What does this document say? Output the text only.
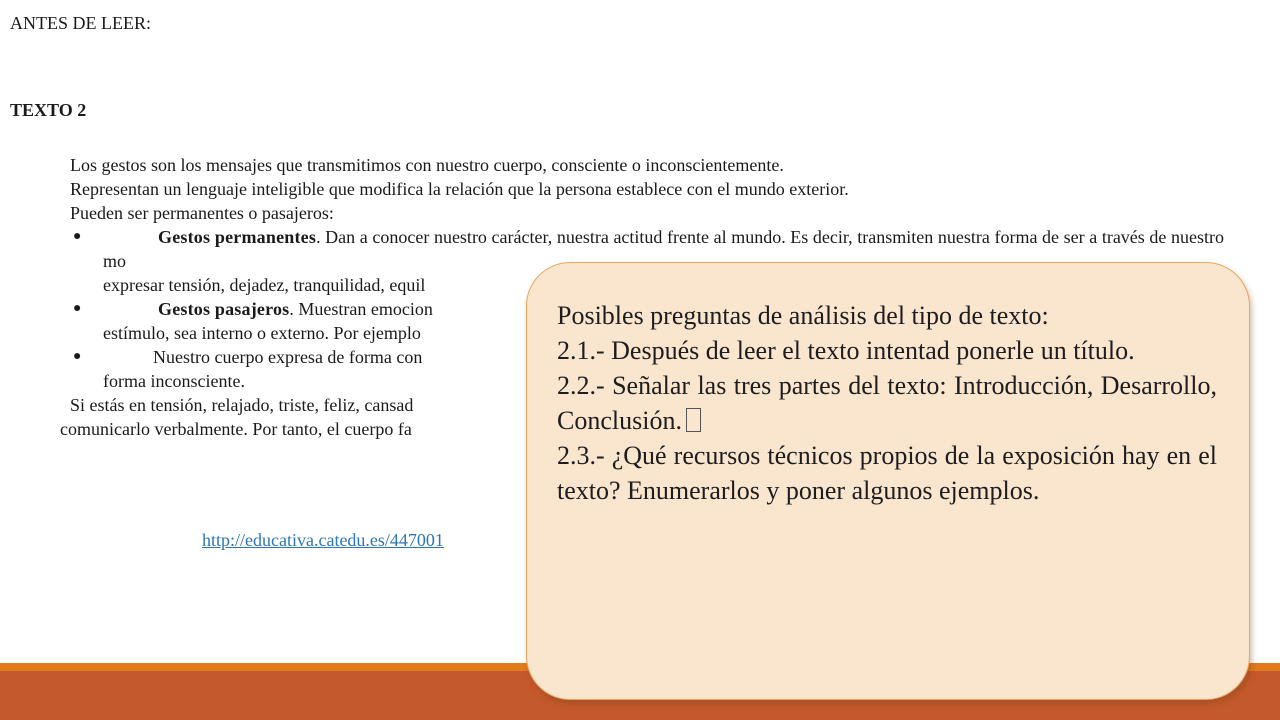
ANTES DE LEER:
TEXTO 2

Los gestos son los mensajes que transmitimos con nuestro cuerpo, consciente o inconscientemente.

Representan un lenguaje inteligible que modifica la relación que la persona establece con el mundo exterior.

Pueden ser permanentes o pasajeros:

●	Gestos permanentes. Dan a conocer nuestro carácter, nuestra actitud frente al mundo. Es decir, transmiten nuestra forma de ser a través de nuestro mo
expresar tensión, dejadez, tranquilidad, equil
●	Gestos pasajeros. Muestran emocion
estímulo, sea interno o externo. Por ejemplo
●	Nuestro cuerpo expresa de forma con
forma inconsciente.

Si estás en tensión, relajado, triste, feliz, cansad
comunicarlo verbalmente. Por tanto, el cuerpo fa

http://educativa.catedu.es/447001

Posibles preguntas de análisis del tipo de texto:

2.1.- Después de leer el texto intentad ponerle un título.

2.2.- Señalar las tres partes del texto: Introducción, Desarrollo, Conclusión.

2.3.- ¿Qué recursos técnicos propios de la exposición hay en el texto? Enumerarlos y poner algunos ejemplos.
